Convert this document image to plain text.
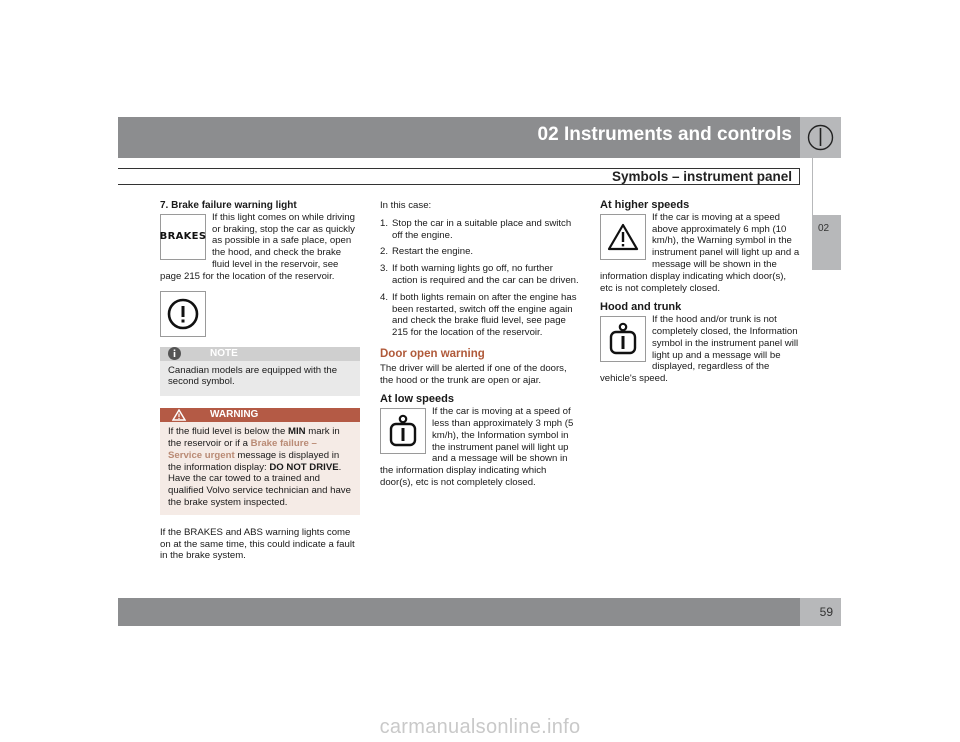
02 Instruments and controls
Symbols – instrument panel
02

7. Brake failure warning light

BRAKES

If this light comes on while driving or braking, stop the car as quickly as possible in a safe place, open the hood, and check the brake fluid level in the reservoir, see

page 215 for the location of the reservoir.

NOTE

Canadian models are equipped with the second symbol.

WARNING

If the fluid level is below the MIN mark in the reservoir or if a Brake failure – Service urgent message is displayed in the information display: DO NOT DRIVE. Have the car towed to a trained and qualified Volvo service technician and have the brake system inspected.

If the BRAKES and ABS warning lights come on at the same time, this could indicate a fault in the brake system.

In this case:

1. Stop the car in a suitable place and switch off the engine.
2. Restart the engine.
3. If both warning lights go off, no further action is required and the car can be driven.
4. If both lights remain on after the engine has been restarted, switch off the engine again and check the brake fluid level, see page 215 for the location of the reservoir.

Door open warning

The driver will be alerted if one of the doors, the hood or the trunk are open or ajar.

At low speeds

If the car is moving at a speed of less than approximately 3 mph (5 km/h), the Information symbol in the instrument panel will light up and a message will be shown in the information display indicating which door(s), etc is not completely closed.

At higher speeds

If the car is moving at a speed above approximately 6 mph (10 km/h), the Warning symbol in the instrument panel will light up and a message will be shown in the information display indicating which door(s), etc is not completely closed.

Hood and trunk

If the hood and/or trunk is not completely closed, the Information symbol in the instrument panel will light up and a message will be displayed, regardless of the vehicle's speed.

59
carmanualsonline.info
